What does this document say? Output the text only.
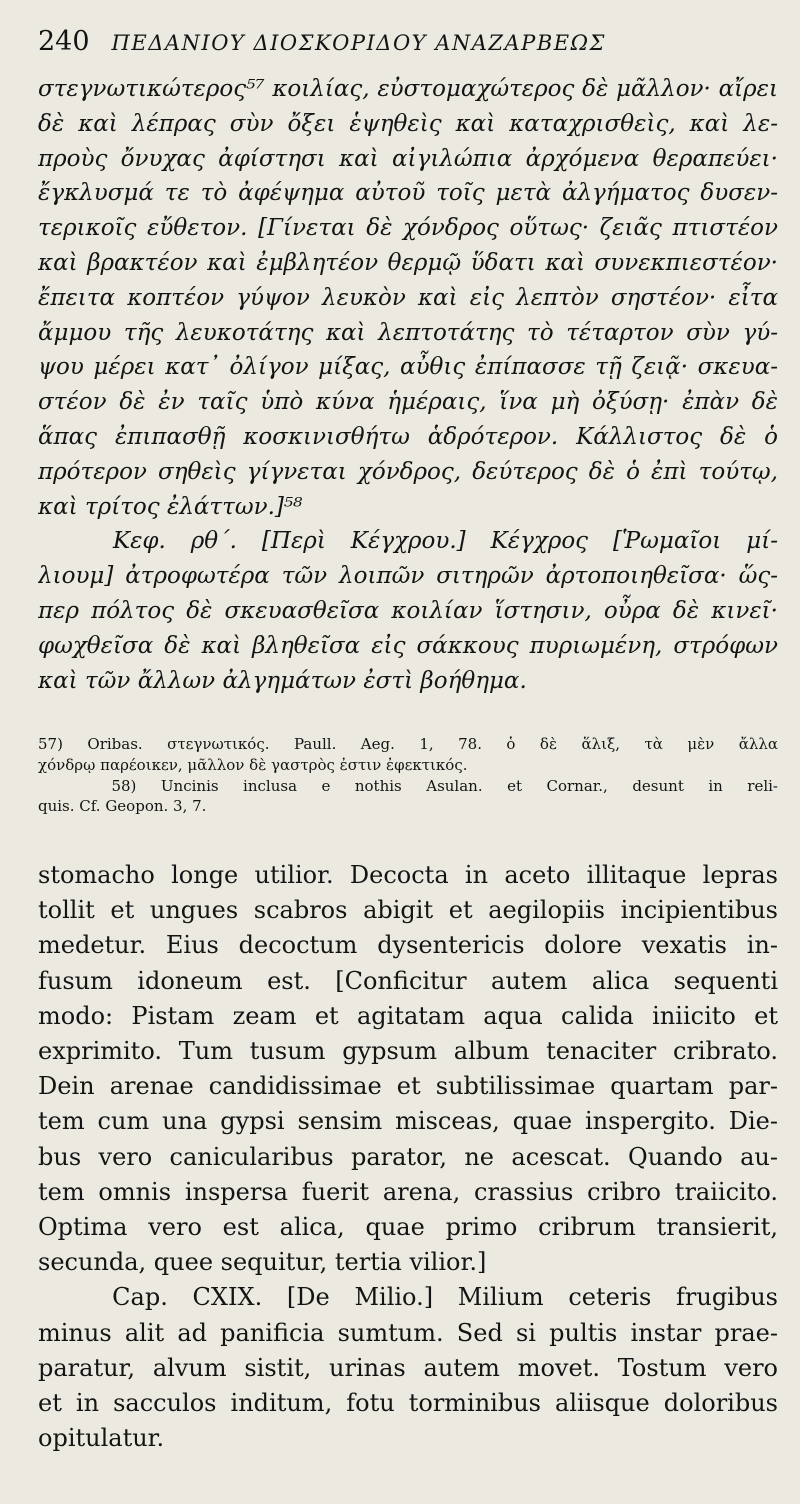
240 ΠΕΔΑΝΙΟΥ ΔΙΟΣΚΟΡΙΔΟΥ ΑΝΑΖΑΡΒΕΩΣ
στεγνωτικώτερος⁵⁷ κοιλίας, εὐστομαχώτερος δὲ μᾶλλον· αἴρει
δὲ καὶ λέπρας σὺν ὄξει ἑψηθεὶς καὶ καταχρισθεὶς, καὶ λε-
προὺς ὄνυχας ἀφίστησι καὶ αἰγιλώπια ἀρχόμενα θεραπεύει·
ἔγκλυσμά τε τὸ ἀφέψημα αὐτοῦ τοῖς μετὰ ἀλγήματος δυσεν-
τερικοῖς εὔθετον. [Γίνεται δὲ χόνδρος οὕτως· ζειᾶς πτιστέον
καὶ βρακτέον καὶ ἐμβλητέον θερμῷ ὕδατι καὶ συνεκπιεστέον·
ἔπειτα κοπτέον γύψον λευκὸν καὶ εἰς λεπτὸν σηστέον· εἶτα
ἄμμου τῆς λευκοτάτης καὶ λεπτοτάτης τὸ τέταρτον σὺν γύ-
ψου μέρει κατ᾽ ὀλίγον μίξας, αὖθις ἐπίπασσε τῇ ζειᾷ· σκευα-
στέον δὲ ἐν ταῖς ὑπὸ κύνα ἡμέραις, ἵνα μὴ ὀξύσῃ· ἐπὰν δὲ
ἅπας ἐπιπασθῇ κοσκινισθήτω ἁδρότερον. Κάλλιστος δὲ ὁ
πρότερον σηθεὶς γίγνεται χόνδρος, δεύτερος δὲ ὁ ἐπὶ τούτῳ,
καὶ τρίτος ἐλάττων.]⁵⁸
Κεφ. ρθ΄. [Περὶ Κέγχρου.] Κέγχρος [Ῥωμαῖοι μί-
λιουμ] ἀτροφωτέρα τῶν λοιπῶν σιτηρῶν ἀρτοποιηθεῖσα· ὥς-
περ πόλτος δὲ σκευασθεῖσα κοιλίαν ἵστησιν, οὖρα δὲ κινεῖ·
φωχθεῖσα δὲ καὶ βληθεῖσα εἰς σάκκους πυριωμένη, στρόφων
καὶ τῶν ἄλλων ἀλγημάτων ἐστὶ βοήθημα.
57) Oribas. στεγνωτικός. Paull. Aeg. 1, 78. ὁ δὲ ἅλιξ, τὰ μὲν ἄλλα
χόνδρῳ παρέοικεν, μᾶλλον δὲ γαστρὸς ἐστιν ἐφεκτικός.
58) Uncinis inclusa e nothis Asulan. et Cornar., desunt in reli-
quis. Cf. Geopon. 3, 7.
stomacho longe utilior. Decocta in aceto illitaque lepras
tollit et ungues scabros abigit et aegilopiis incipientibus
medetur. Eius decoctum dysentericis dolore vexatis in-
fusum idoneum est. [Conficitur autem alica sequenti
modo: Pistam zeam et agitatam aqua calida iniicito et
exprimito. Tum tusum gypsum album tenaciter cribrato.
Dein arenae candidissimae et subtilissimae quartam par-
tem cum una gypsi sensim misceas, quae inspergito. Die-
bus vero canicularibus parator, ne acescat. Quando au-
tem omnis inspersa fuerit arena, crassius cribro traiicito.
Optima vero est alica, quae primo cribrum transierit,
secunda, quee sequitur, tertia vilior.]
Cap. CXIX. [De Milio.] Milium ceteris frugibus
minus alit ad panificia sumtum. Sed si pultis instar prae-
paratur, alvum sistit, urinas autem movet. Tostum vero
et in sacculos inditum, fotu torminibus aliisque doloribus
opitulatur.
